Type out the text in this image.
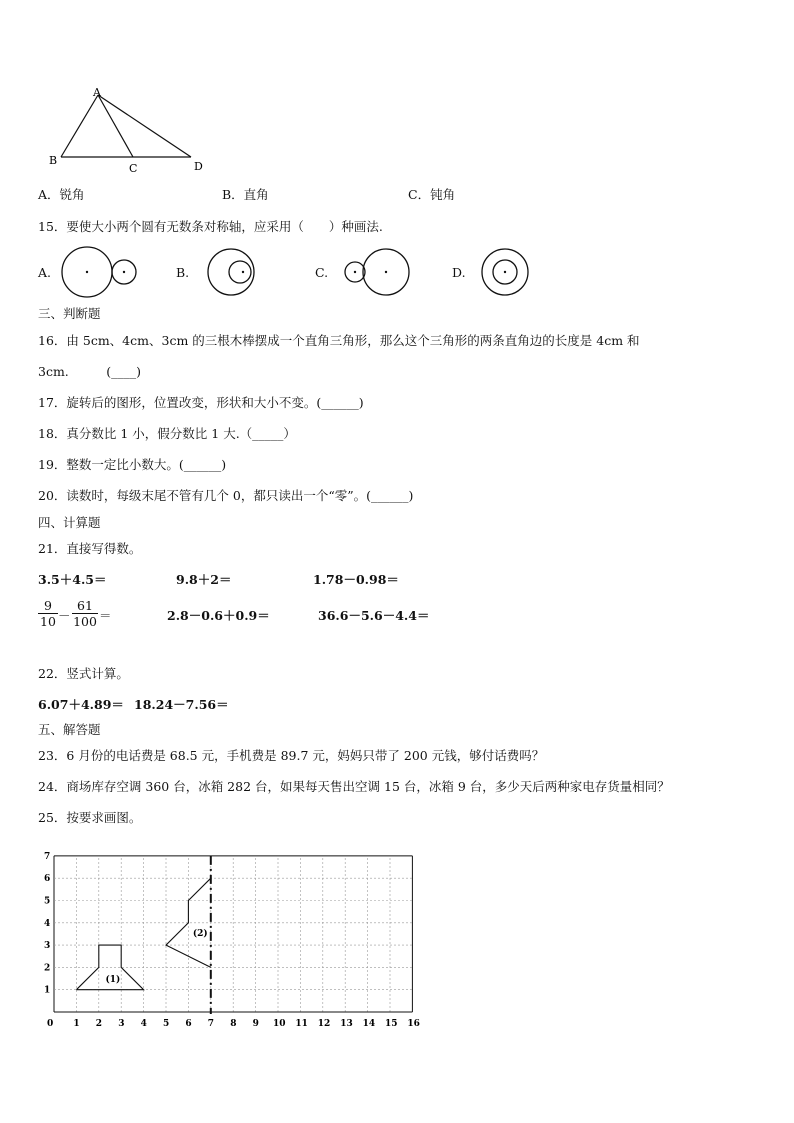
A
B
C	D
A．锐角	B．直角	C．钝角
15．要使大小两个圆有无数条对称轴，应采用（　　）种画法.
A.	B.	C.	D.
三、判断题
16．由 5cm、4cm、3cm 的三根木棒摆成一个直角三角形，那么这个三角形的两条直角边的长度是 4cm 和
3cm.　　　(____)
17．旋转后的图形，位置改变，形状和大小不变。(______)
18．真分数比 1 小，假分数比 1 大.（_____）
19．整数一定比小数大。(______)
20．读数时，每级末尾不管有几个 0，都只读出一个“零”。(______)
四、计算题
21．直接写得数。
3.5＋4.5＝	9.8＋2＝	1.78－0.98＝
9
10 －
61
100 ＝	2.8－0.6＋0.9＝	36.6－5.6－4.4＝
22．竖式计算。
6.07＋4.89＝ 18.24－7.56＝
五、解答题
23．6 月份的电话费是 68.5 元，手机费是 89.7 元，妈妈只带了 200 元钱，够付话费吗？
24．商场库存空调 360 台，冰箱 282 台，如果每天售出空调 15 台，冰箱 9 台，多少天后两种家电存货量相同？
25．按要求画图。
0 1 2 3 4 5 6 7 8 9 10 11 12 13 14 15 16
1
2
3
4
5
6
7
(1)
(2)
